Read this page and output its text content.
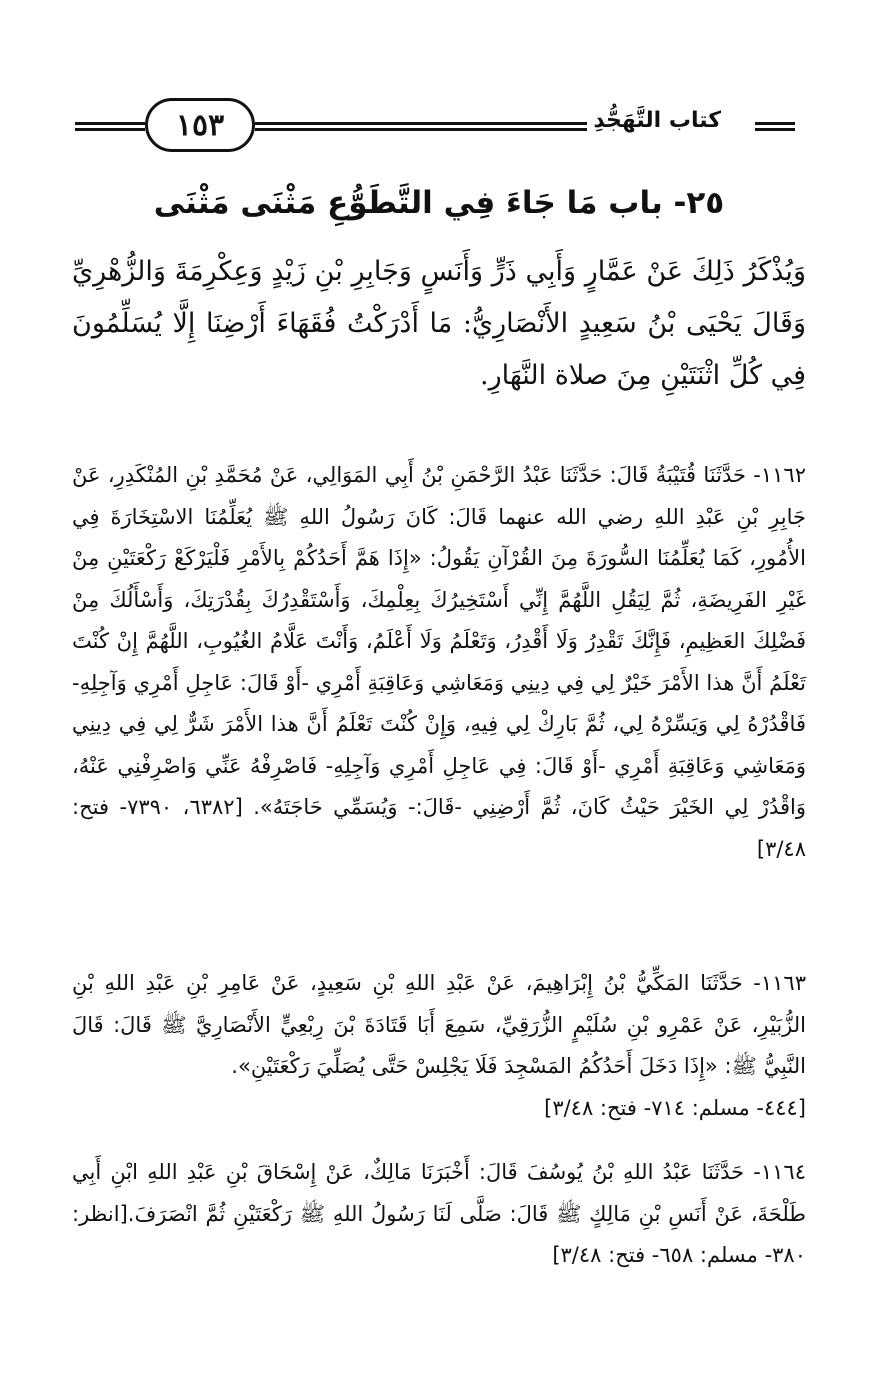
١٥٣	كتاب التَّهَجُّدِ
٢٥- باب مَا جَاءَ فِي التَّطَوُّعِ مَثْنَى مَثْنَى
وَيُذْكَرُ ذَلِكَ عَنْ عَمَّارٍ وَأَبِي ذَرٍّ وَأَنَسٍ وَجَابِرِ بْنِ زَيْدٍ وَعِكْرِمَةَ وَالزُّهْرِيِّ وَقَالَ يَحْيَى بْنُ سَعِيدٍ الأَنْصَارِيُّ: مَا أَدْرَكْتُ فُقَهَاءَ أَرْضِنَا إِلَّا يُسَلِّمُونَ فِي كُلِّ اثْنَتَيْنِ مِنَ صلاة النَّهَارِ.
١١٦٢- حَدَّثَنَا قُتَيْبَةُ قَالَ: حَدَّثَنَا عَبْدُ الرَّحْمَنِ بْنُ أَبِي المَوَالِي، عَنْ مُحَمَّدِ بْنِ المُنْكَدِرِ، عَنْ جَابِرِ بْنِ عَبْدِ اللهِ رضي الله عنهما قَالَ: كَانَ رَسُولُ اللهِ ﷺ يُعَلِّمُنَا الاسْتِخَارَةَ فِي الأُمُورِ، كَمَا يُعَلِّمُنَا السُّورَةَ مِنَ القُرْآنِ يَقُولُ: «إِذَا هَمَّ أَحَدُكُمْ بِالأَمْرِ فَلْيَرْكَعْ رَكْعَتَيْنِ مِنْ غَيْرِ الفَرِيضَةِ، ثُمَّ لِيَقُلِ اللَّهُمَّ إِنِّي أَسْتَخِيرُكَ بِعِلْمِكَ، وَأَسْتَقْدِرُكَ بِقُدْرَتِكَ، وَأَسْأَلُكَ مِنْ فَضْلِكَ العَظِيمِ، فَإِنَّكَ تَقْدِرُ وَلَا أَقْدِرُ، وَتَعْلَمُ وَلَا أَعْلَمُ، وَأَنْتَ عَلَّامُ الغُيُوبِ، اللَّهُمَّ إِنْ كُنْتَ تَعْلَمُ أَنَّ هذا الأَمْرَ خَيْرٌ لِي فِي دِينِي وَمَعَاشِي وَعَاقِبَةِ أَمْرِي -أَوْ قَالَ: عَاجِلِ أَمْرِي وَآجِلِهِ- فَاقْدُرْهُ لِي وَيَسِّرْهُ لِي، ثُمَّ بَارِكْ لِي فِيهِ، وَإِنْ كُنْتَ تَعْلَمُ أَنَّ هذا الأَمْرَ شَرٌّ لِي فِي دِينِي وَمَعَاشِي وَعَاقِبَةِ أَمْرِي -أَوْ قَالَ: فِي عَاجِلِ أَمْرِي وَآجِلِهِ- فَاصْرِفْهُ عَنِّي وَاصْرِفْنِي عَنْهُ، وَاقْدُرْ لِي الخَيْرَ حَيْثُ كَانَ، ثُمَّ أَرْضِنِي -قَالَ:- وَيُسَمِّي حَاجَتَهُ». [٦٣٨٢، ٧٣٩٠- فتح: ٣/٤٨]
١١٦٣- حَدَّثَنَا المَكِّيُّ بْنُ إِبْرَاهِيمَ، عَنْ عَبْدِ اللهِ بْنِ سَعِيدٍ، عَنْ عَامِرِ بْنِ عَبْدِ اللهِ بْنِ الزُّبَيْرِ، عَنْ عَمْرِو بْنِ سُلَيْمٍ الزُّرَقِيِّ، سَمِعَ أَبَا قَتَادَةَ بْنَ رِبْعِيٍّ الأَنْصَارِيَّ ﷺ قَالَ: قَالَ النَّبِيُّ ﷺ: «إِذَا دَخَلَ أَحَدُكُمُ المَسْجِدَ فَلَا يَجْلِسْ حَتَّى يُصَلِّيَ رَكْعَتَيْنِ».
[٤٤٤- مسلم: ٧١٤- فتح: ٣/٤٨]
١١٦٤- حَدَّثَنَا عَبْدُ اللهِ بْنُ يُوسُفَ قَالَ: أَخْبَرَنَا مَالِكٌ، عَنْ إِسْحَاقَ بْنِ عَبْدِ اللهِ ابْنِ أَبِي طَلْحَةَ، عَنْ أَنَسِ بْنِ مَالِكٍ ﷺ قَالَ: صَلَّى لَنَا رَسُولُ اللهِ ﷺ رَكْعَتَيْنِ ثُمَّ انْصَرَفَ.[انظر: ٣٨٠- مسلم: ٦٥٨- فتح: ٣/٤٨]
